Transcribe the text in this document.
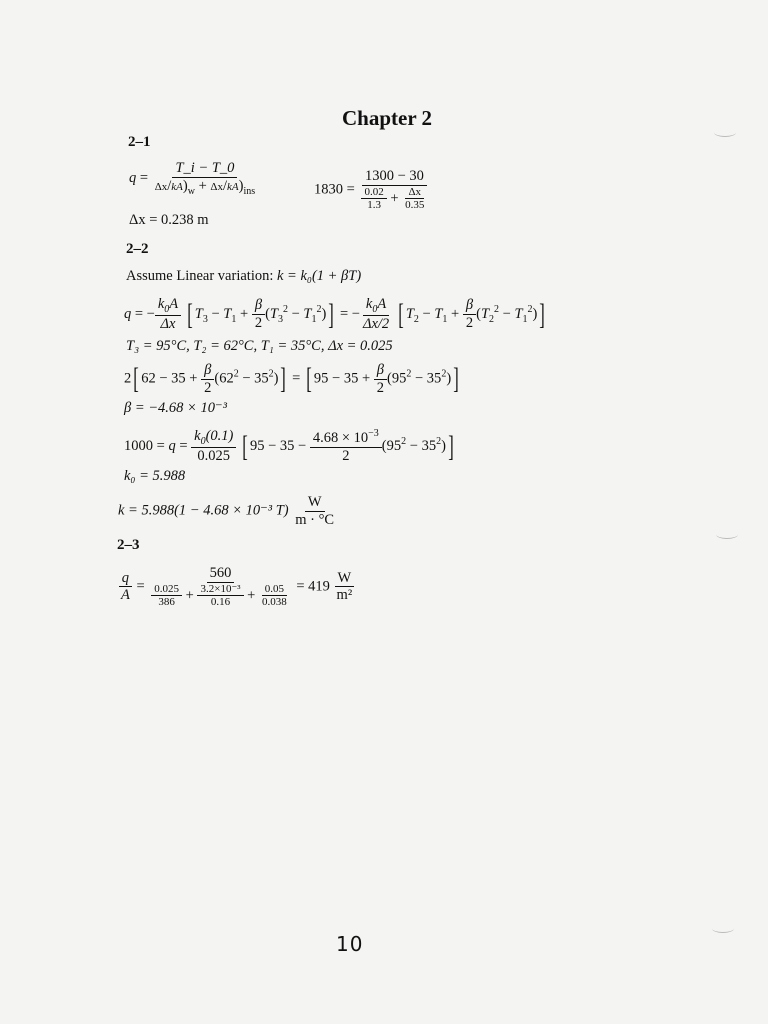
Chapter 2
2–1
$q = \frac{T\_i - T\_0}{\Delta x/kA)_w + \Delta x/kA)_{ins}}$
Δx = 0.238 m
$1830 = \frac{1300 - 30}{\frac{0.02}{1.3} + \frac{\Delta x}{0.35}}$
2–2
Assume Linear variation: k = k₀(1 + βT)
q = − $\frac{k_0A}{\Delta x}$ [ $T_3 - T_1 + \frac{\beta}{2} (T_3^2 - T_1^2)$] = − $\frac{k_0A}{\Delta x/2}$ [ $T_2 - T_1 + \frac{\beta}{2} (T_2^2 - T_1^2)$]
T₃ = 95°C, T₂ = 62°C, T₁ = 35°C, Δx = 0.025
2[ $62 - 35 + \frac{\beta}{2} (62^2 - 35^2)$] = [ $95 - 35 + \frac{\beta}{2} (95^2 - 35^2)$]
β = −4.68 × 10⁻³
$1000 = q = \frac{k_0(0.1)}{0.025}$ [ $95 - 35 - \frac{4.68 \times 10^{-3}}{2} (95^2 - 35^2)$]
k₀ = 5.988
k = 5.988(1 − 4.68 × 10⁻³ $T) \frac{W}{m \cdot ^\circ C}$
2–3
$\frac{q}{A} = \frac{560}{\frac{0.025}{386} + \frac{\text{3.2×10⁻³}}{0.16} + \frac{0.05}{0.038}} = 419 \frac{W}{\text{m²}}$
10
